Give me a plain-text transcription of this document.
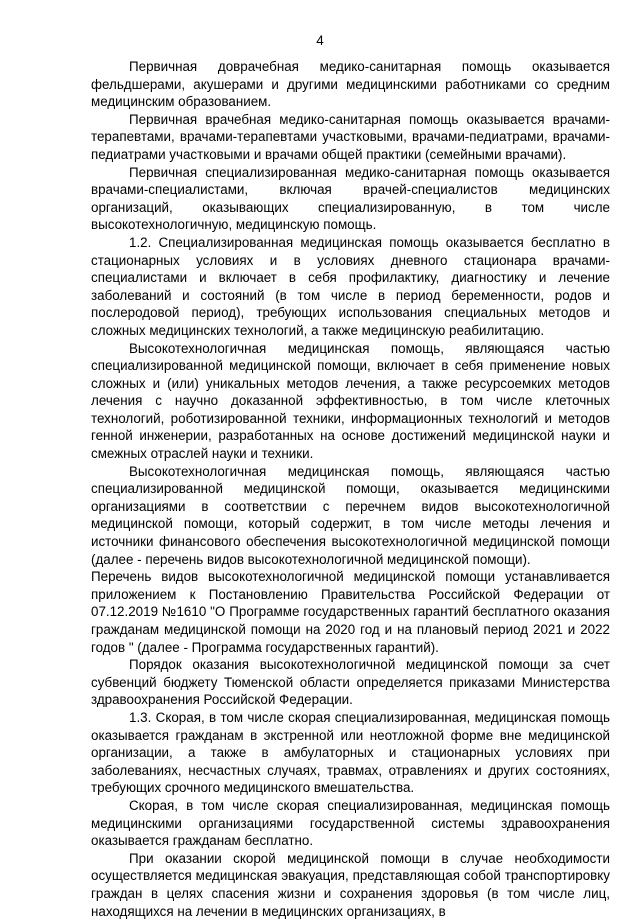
4

Первичная доврачебная медико-санитарная помощь оказывается фельдшерами, акушерами и другими медицинскими работниками со средним медицинским образованием.

Первичная врачебная медико-санитарная помощь оказывается врачами-терапевтами, врачами-терапевтами участковыми, врачами-педиатрами, врачами-педиатрами участковыми и врачами общей практики (семейными врачами).

Первичная специализированная медико-санитарная помощь оказывается врачами-специалистами, включая врачей-специалистов медицинских организаций, оказывающих специализированную, в том числе высокотехнологичную, медицинскую помощь.

1.2. Специализированная медицинская помощь оказывается бесплатно в стационарных условиях и в условиях дневного стационара врачами-специалистами и включает в себя профилактику, диагностику и лечение заболеваний и состояний (в том числе в период беременности, родов и послеродовой период), требующих использования специальных методов и сложных медицинских технологий, а также медицинскую реабилитацию.

Высокотехнологичная медицинская помощь, являющаяся частью специализированной медицинской помощи, включает в себя применение новых сложных и (или) уникальных методов лечения, а также ресурсоемких методов лечения с научно доказанной эффективностью, в том числе клеточных технологий, роботизированной техники, информационных технологий и методов генной инженерии, разработанных на основе достижений медицинской науки и смежных отраслей науки и техники.

Высокотехнологичная медицинская помощь, являющаяся частью специализированной медицинской помощи, оказывается медицинскими организациями в соответствии с перечнем видов высокотехнологичной медицинской помощи, который содержит, в том числе методы лечения и источники финансового обеспечения высокотехнологичной медицинской помощи (далее - перечень видов высокотехнологичной медицинской помощи).

Перечень видов высокотехнологичной медицинской помощи устанавливается приложением к Постановлению Правительства Российской Федерации от 07.12.2019 №1610 "О Программе государственных гарантий бесплатного оказания гражданам медицинской помощи на 2020 год и на плановый период 2021 и 2022 годов " (далее - Программа государственных гарантий).

Порядок оказания высокотехнологичной медицинской помощи за счет субвенций бюджету Тюменской области определяется приказами Министерства здравоохранения Российской Федерации.

1.3. Скорая, в том числе скорая специализированная, медицинская помощь оказывается гражданам в экстренной или неотложной форме вне медицинской организации, а также в амбулаторных и стационарных условиях при заболеваниях, несчастных случаях, травмах, отравлениях и других состояниях, требующих срочного медицинского вмешательства.

Скорая, в том числе скорая специализированная, медицинская помощь медицинскими организациями государственной системы здравоохранения оказывается гражданам бесплатно.

При оказании скорой медицинской помощи в случае необходимости осуществляется медицинская эвакуация, представляющая собой транспортировку граждан в целях спасения жизни и сохранения здоровья (в том числе лиц, находящихся на лечении в медицинских организациях, в
